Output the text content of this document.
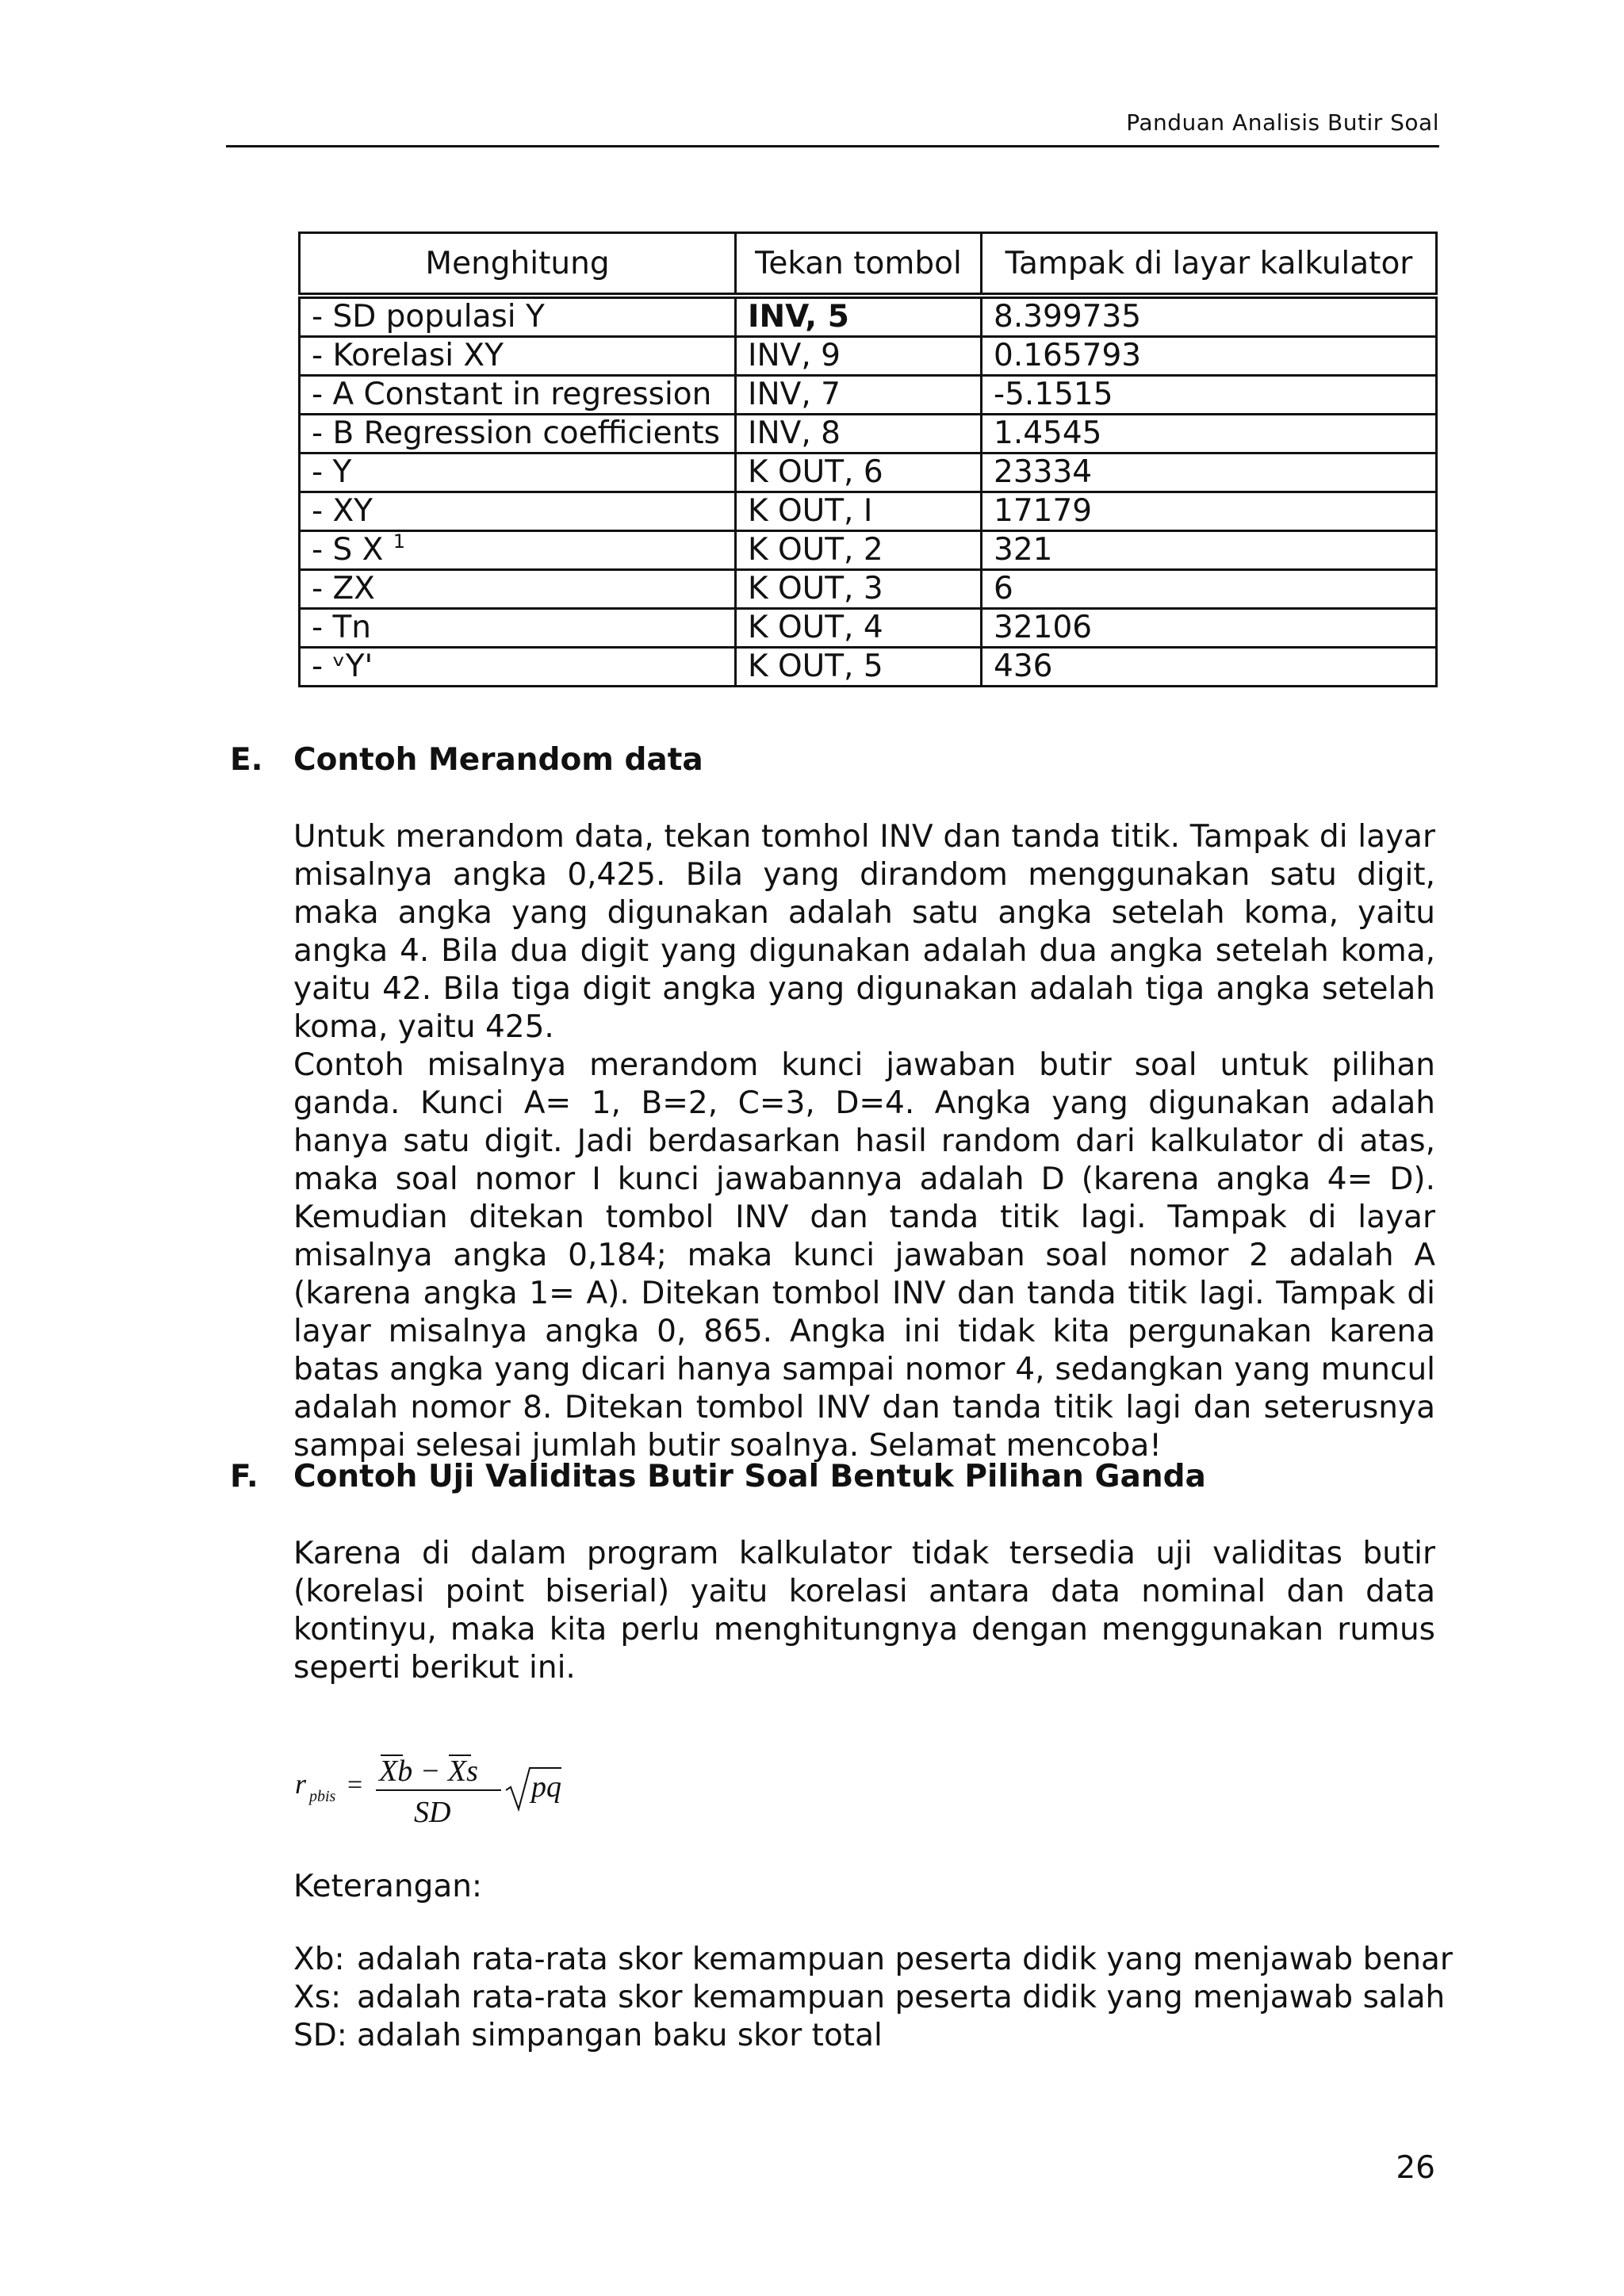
Panduan Analisis Butir Soal
Menghitung	Tekan tombol	Tampak di layar kalkulator
- SD populasi Y	INV, 5	8.399735
- Korelasi XY	INV, 9	0.165793
- A Constant in regression	INV, 7	-5.1515
- B Regression coefficients	INV, 8	1.4545
- Y	K OUT, 6	23334
- XY	K OUT, I	17179
- S X $^1$	K OUT, 2	321
- ZX	K OUT, 3	6
- Tn	K OUT, 4	32106
- ᵛY'	K OUT, 5	436
E. Contoh Merandom data

Untuk merandom data, tekan tomhol INV dan tanda titik. Tampak di layar misalnya angka 0,425. Bila yang dirandom menggunakan satu digit, maka angka yang digunakan adalah satu angka setelah koma, yaitu angka 4. Bila dua digit yang digunakan adalah dua angka setelah koma, yaitu 42. Bila tiga digit angka yang digunakan adalah tiga angka setelah koma, yaitu 425.

Contoh misalnya merandom kunci jawaban butir soal untuk pilihan ganda. Kunci A= 1, B=2, C=3, D=4. Angka yang digunakan adalah hanya satu digit. Jadi berdasarkan hasil random dari kalkulator di atas, maka soal nomor I kunci jawabannya adalah D (karena angka 4= D). Kemudian ditekan tombol INV dan tanda titik lagi. Tampak di layar misalnya angka 0,184; maka kunci jawaban soal nomor 2 adalah A (karena angka 1= A). Ditekan tombol INV dan tanda titik lagi. Tampak di layar misalnya angka 0, 865. Angka ini tidak kita pergunakan karena batas angka yang dicari hanya sampai nomor 4, sedangkan yang muncul adalah nomor 8. Ditekan tombol INV dan tanda titik lagi dan seterusnya sampai selesai jumlah butir soalnya. Selamat mencoba!

F. Contoh Uji Validitas Butir Soal Bentuk Pilihan Ganda

Karena di dalam program kalkulator tidak tersedia uji validitas butir (korelasi point biserial) yaitu korelasi antara data nominal dan data kontinyu, maka kita perlu menghitungnya dengan menggunakan rumus seperti berikut ini.

r pbis = Xb − Xs
SD
pq
Keterangan:
Xb: adalah rata-rata skor kemampuan peserta didik yang menjawab benar
Xs: adalah rata-rata skor kemampuan peserta didik yang menjawab salah
SD: adalah simpangan baku skor total
26
